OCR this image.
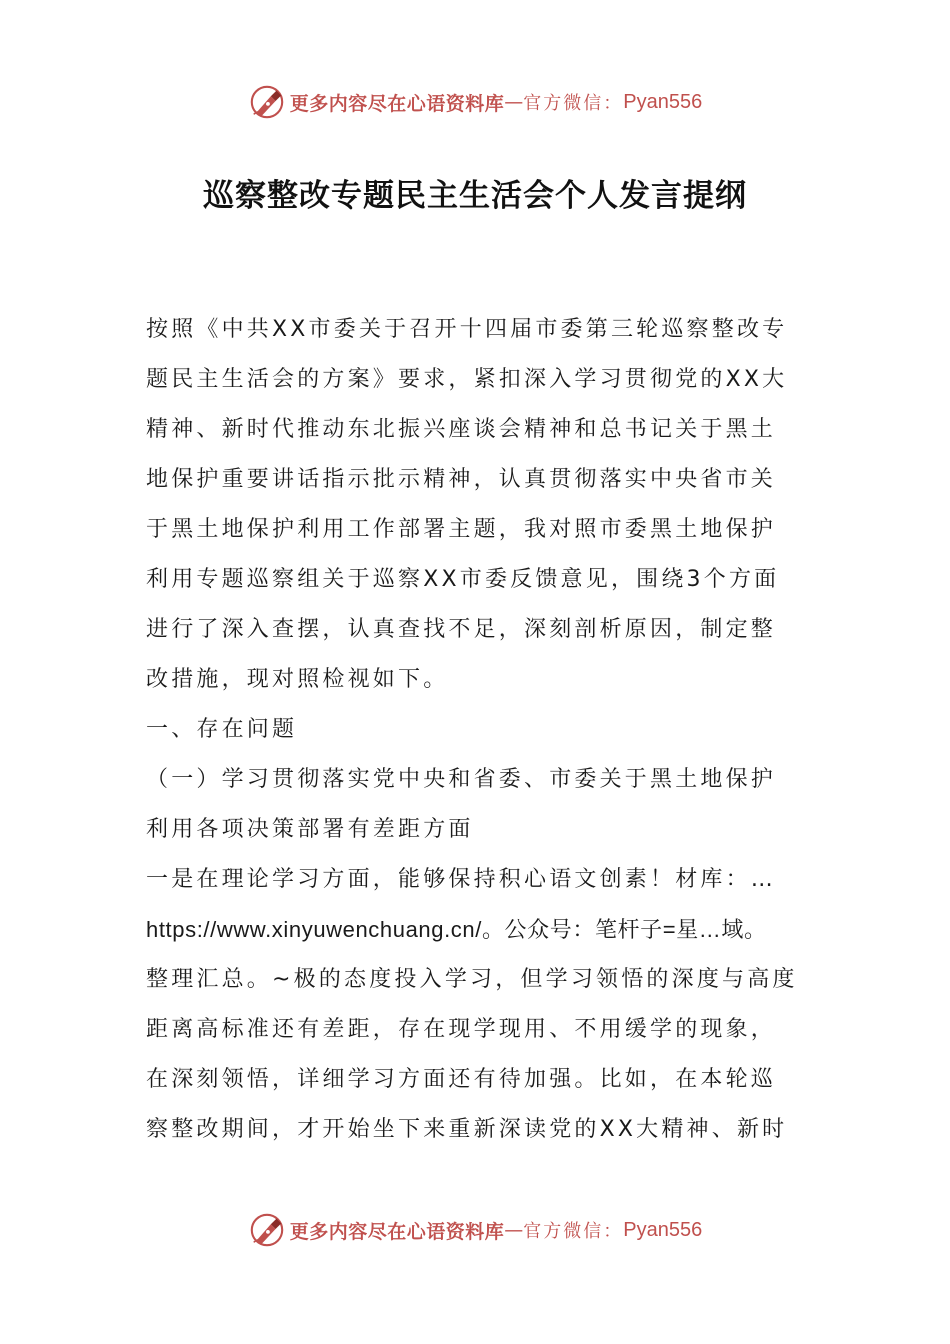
更多内容尽在心语资料库 — 官方微信： Pyan556
巡察整改专题民主生活会个人发言提纲
按照《中共XX市委关于召开十四届市委第三轮巡察整改专
题民主生活会的方案》要求，紧扣深入学习贯彻党的XX大
精神、新时代推动东北振兴座谈会精神和总书记关于黑土
地保护重要讲话指示批示精神，认真贯彻落实中央省市关
于黑土地保护利用工作部署主题，我对照市委黑土地保护
利用专题巡察组关于巡察XX市委反馈意见，围绕3个方面
进行了深入查摆，认真查找不足，深刻剖析原因，制定整
改措施，现对照检视如下。
一、存在问题
（一）学习贯彻落实党中央和省委、市委关于黑土地保护
利用各项决策部署有差距方面
一是在理论学习方面，能够保持积心语文创素！材库：…
https://www.xinyuwenchuang.cn/。公众号：笔杆子=星…域。
整理汇总。~极的态度投入学习，但学习领悟的深度与高度
距离高标准还有差距，存在现学现用、不用缓学的现象，
在深刻领悟，详细学习方面还有待加强。比如，在本轮巡
察整改期间，才开始坐下来重新深读党的XX大精神、新时
更多内容尽在心语资料库 — 官方微信： Pyan556
